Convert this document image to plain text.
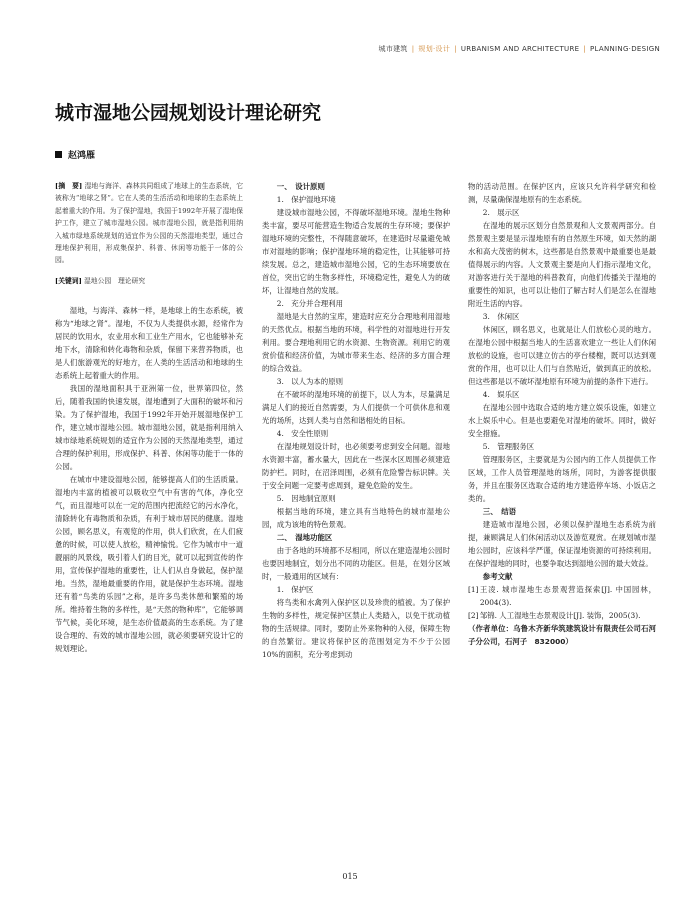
城市建筑 | 规划·设计 | URBANISM AND ARCHITECTURE | PLANNING·DESIGN
城市湿地公园规划设计理论研究
赵鸿雁

[摘　要] 湿地与海洋、森林共同组成了地球上的生态系统，它被称为“地球之肾”。它在人类的生活活动和地球的生态系统上起着重大的作用。为了保护湿地，我国于1992年开展了湿地保护工作，建立了城市湿地公园。城市湿地公园，就是指利用纳入城市绿地系统规划的适宜作为公园的天然湿地类型，通过合理地保护利用，形成集保护、科普、休闲等功能于一体的公园。

[关键词] 湿地公园　理论研究

湿地，与海洋、森林一样，是地球上的生态系统，被称为“地球之肾”。湿地，不仅为人类提供水源，经常作为居民的饮用水，农业用水和工业生产用水，它也能够补充地下水，清除和转化毒物和杂质，保留下来营养物质，也是人们旅游观光的好地方，在人类的生活活动和地球的生态系统上起着重大的作用。

我国的湿地面积具于亚洲第一位，世界第四位，然后，随着我国的快速发展，湿地遭到了大面积的破坏和污染。为了保护湿地，我国于1992年开始开展湿地保护工作，建立城市湿地公园。城市湿地公园，就是指利用纳入城市绿地系统规划的适宜作为公园的天然湿地类型，通过合理的保护利用，形成保护、科普、休闲等功能于一体的公园。

在城市中建设湿地公园，能够提高人们的生活质量。湿地内丰富的植被可以吸收空气中有害的气体，净化空气，而且湿地可以在一定的范围内把流经它的污水净化，清除转化有毒物质和杂质，有利于城市居民的健康。湿地公园，顾名思义，有观览的作用，供人们欣赏，在人们疲惫的时候，可以使人放松，精神愉悦。它作为城市中一道靓丽的风景线，吸引着人们的目光，就可以起到宣传的作用，宣传保护湿地的重要性，让人们从自身做起，保护湿地。当然，湿地最重要的作用，就是保护生态环境。湿地还有着“鸟类的乐园”之称，是许多鸟类休憩和繁殖的场所。维持着生物的多样性，是“天然的物种库”，它能够调节气候，美化环境，是生态价值最高的生态系统。为了建设合理的、有效的城市湿地公园，就必须要研究设计它的规划理论。

一、　设计原则

1.　保护湿地环境

建设城市湿地公园，不得破坏湿地环境。湿地生物种类丰富，要尽可能营造生物适合发展的生存环境；要保护湿地环境的完整性，不得随意破坏，在建造时尽量避免城市对湿地的影响；保护湿地环境的稳定性，让其能够可持续发展。总之，建造城市湿地公园，它的生态环境要放在首位，突出它的生物多样性，环境稳定性，避免人为的破坏，让湿地自然的发展。

2.　充分并合理利用

湿地是大自然的宝库，建造时应充分合理地利用湿地的天然优点。根据当地的环境，科学性的对湿地进行开发利用。要合理地利用它的水资源、生物资源。利用它的观赏价值和经济价值，为城市带来生态、经济的多方面合理的综合效益。

3.　以人为本的原则

在不破坏的湿地环境的前提下，以人为本，尽量满足满足人们的接近自然需要，为人们提供一个可供休息和观光的场所，达到人类与自然和谐相处的目标。

4.　安全性原则

在湿地规划设计时，也必须要考虑到安全问题。湿地水资源丰富，蓄水量大，因此在一些深水区周围必须建造防护栏。同时，在沼泽周围，必须有危险警告标识牌。关于安全问题一定要考虑周到，避免危险的发生。

5.　因地制宜原则

根据当地的环境，建立具有当地特色的城市湿地公园，成为该地的特色景观。

二、　湿地功能区

由于各地的环境都不尽相同，所以在建造湿地公园时也要因地制宜，划分出不同的功能区。但是，在划分区域时，一般通用的区域有：

1.　保护区

将鸟类和水禽列入保护区以及珍贵的植被。为了保护生物的多样性，规定保护区禁止人类踏入，以免干扰动植物的生活规律。同时，要防止外来物种的入侵，保障生物的自然繁衍。建议将保护区的范围划定为不少于公园 10%的面积，充分考虑到动

物的活动范围。在保护区内，应该只允许科学研究和检测，尽量确保湿地原有的生态系统。

2.　展示区

在湿地的展示区划分自然景观和人文景观两部分。自然景观主要是显示湿地原有的自然原生环境，如天然的湖水和高大茂密的树木，这些都是自然景观中最重要也是最值得展示的内容。人文景观主要是向人们指示湿地文化，对游客进行关于湿地的科普教育，向他们传播关于湿地的重要性的知识，也可以让他们了解古时人们是怎么在湿地附近生活的内容。

3.　休闲区

休闲区，顾名思义，也就是让人们放松心灵的地方。在湿地公园中根据当地人的生活喜欢建立一些让人们休闲放松的设施，也可以建立仿古的亭台楼榭，既可以达到观赏的作用，也可以让人们与自然贴近，做到真正的放松。但这些都是以不破坏湿地原有环境为前提的条件下进行。

4.　娱乐区

在湿地公园中选取合适的地方建立娱乐设施，如建立水上娱乐中心。但是也要避免对湿地的破坏。同时，做好安全措施。

5.　管理服务区

管理服务区，主要就是为公园内的工作人员提供工作区域，工作人员管理湿地的场所，同时，为游客提供服务，并且在服务区选取合适的地方建造停车场、小饭店之类的。

三、　结语

建造城市湿地公园，必须以保护湿地生态系统为前提，兼顾满足人们休闲活动以及游览观赏。在规划城市湿地公园时，应该科学严谨，保证湿地资源的可持续利用。在保护湿地的同时，也要争取达到湿地公园的最大效益。

参考文献

[1] 王凌. 城市湿地生态景观营造探索[J]. 中国园林，2004(3).

[2] 邹锦. 人工湿地生态景观设计[J]. 装饰，2005(3).

（作者单位：乌鲁木齐新华筑建筑设计有限责任公司石河子分公司，石河子　832000）

015
